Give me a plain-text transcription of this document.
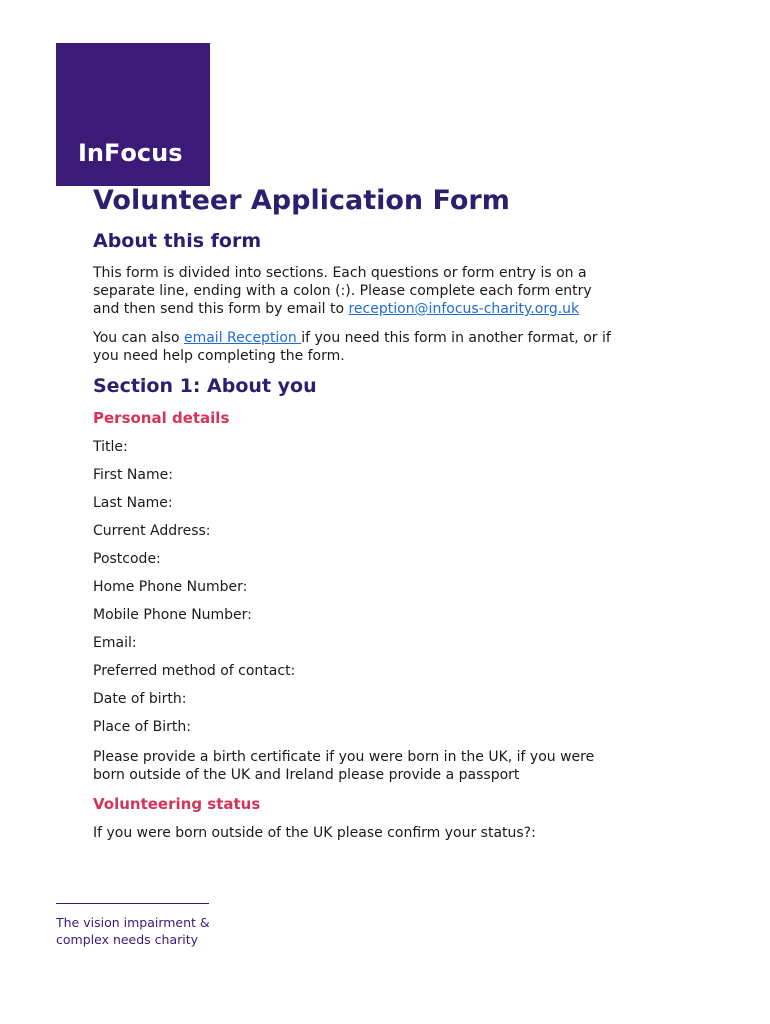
InFocus
Volunteer Application Form
About this form

This form is divided into sections. Each questions or form entry is on a
separate line, ending with a colon (:). Please complete each form entry
and then send this form by email to reception@infocus-charity.org.uk

You can also email Reception if you need this form in another format, or if
you need help completing the form.

Section 1: About you
Personal details

Title:

First Name:

Last Name:

Current Address:

Postcode:

Home Phone Number:

Mobile Phone Number:

Email:

Preferred method of contact:

Date of birth:

Place of Birth:

Please provide a birth certificate if you were born in the UK, if you were
born outside of the UK and Ireland please provide a passport

Volunteering status

If you were born outside of the UK please confirm your status?:

The vision impairment &
complex needs charity
